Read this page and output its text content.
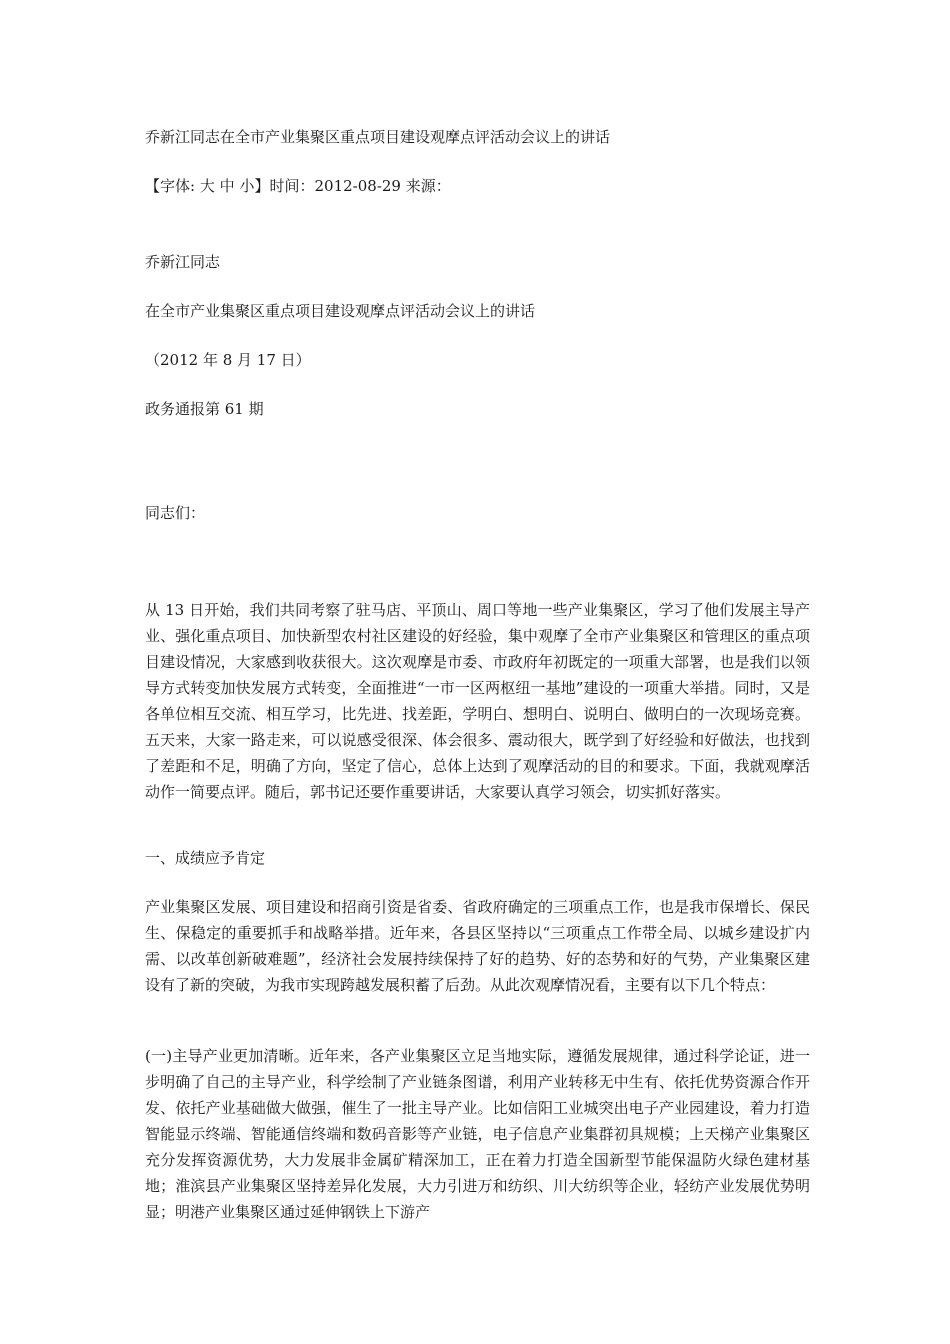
乔新江同志在全市产业集聚区重点项目建设观摩点评活动会议上的讲话
【字体: 大 中 小】时间：2012-08-29 来源：
乔新江同志
在全市产业集聚区重点项目建设观摩点评活动会议上的讲话
（2012 年 8 月 17 日）
政务通报第 61 期
同志们：
从 13 日开始，我们共同考察了驻马店、平顶山、周口等地一些产业集聚区，学习了他们发展主导产业、强化重点项目、加快新型农村社区建设的好经验，集中观摩了全市产业集聚区和管理区的重点项目建设情况，大家感到收获很大。这次观摩是市委、市政府年初既定的一项重大部署，也是我们以领导方式转变加快发展方式转变，全面推进“一市一区两枢纽一基地”建设的一项重大举措。同时，又是各单位相互交流、相互学习，比先进、找差距，学明白、想明白、说明白、做明白的一次现场竞赛。五天来，大家一路走来，可以说感受很深、体会很多、震动很大，既学到了好经验和好做法，也找到了差距和不足，明确了方向，坚定了信心，总体上达到了观摩活动的目的和要求。下面，我就观摩活动作一简要点评。随后，郭书记还要作重要讲话，大家要认真学习领会，切实抓好落实。
一、成绩应予肯定
产业集聚区发展、项目建设和招商引资是省委、省政府确定的三项重点工作，也是我市保增长、保民生、保稳定的重要抓手和战略举措。近年来，各县区坚持以“三项重点工作带全局、以城乡建设扩内需、以改革创新破难题”，经济社会发展持续保持了好的趋势、好的态势和好的气势，产业集聚区建设有了新的突破，为我市实现跨越发展积蓄了后劲。从此次观摩情况看，主要有以下几个特点：
(一)主导产业更加清晰。近年来，各产业集聚区立足当地实际，遵循发展规律，通过科学论证，进一步明确了自己的主导产业，科学绘制了产业链条图谱，利用产业转移无中生有、依托优势资源合作开发、依托产业基础做大做强，催生了一批主导产业。比如信阳工业城突出电子产业园建设，着力打造智能显示终端、智能通信终端和数码音影等产业链，电子信息产业集群初具规模；上天梯产业集聚区充分发挥资源优势，大力发展非金属矿精深加工，正在着力打造全国新型节能保温防火绿色建材基地；淮滨县产业集聚区坚持差异化发展，大力引进万和纺织、川大纺织等企业，轻纺产业发展优势明显；明港产业集聚区通过延伸钢铁上下游产
